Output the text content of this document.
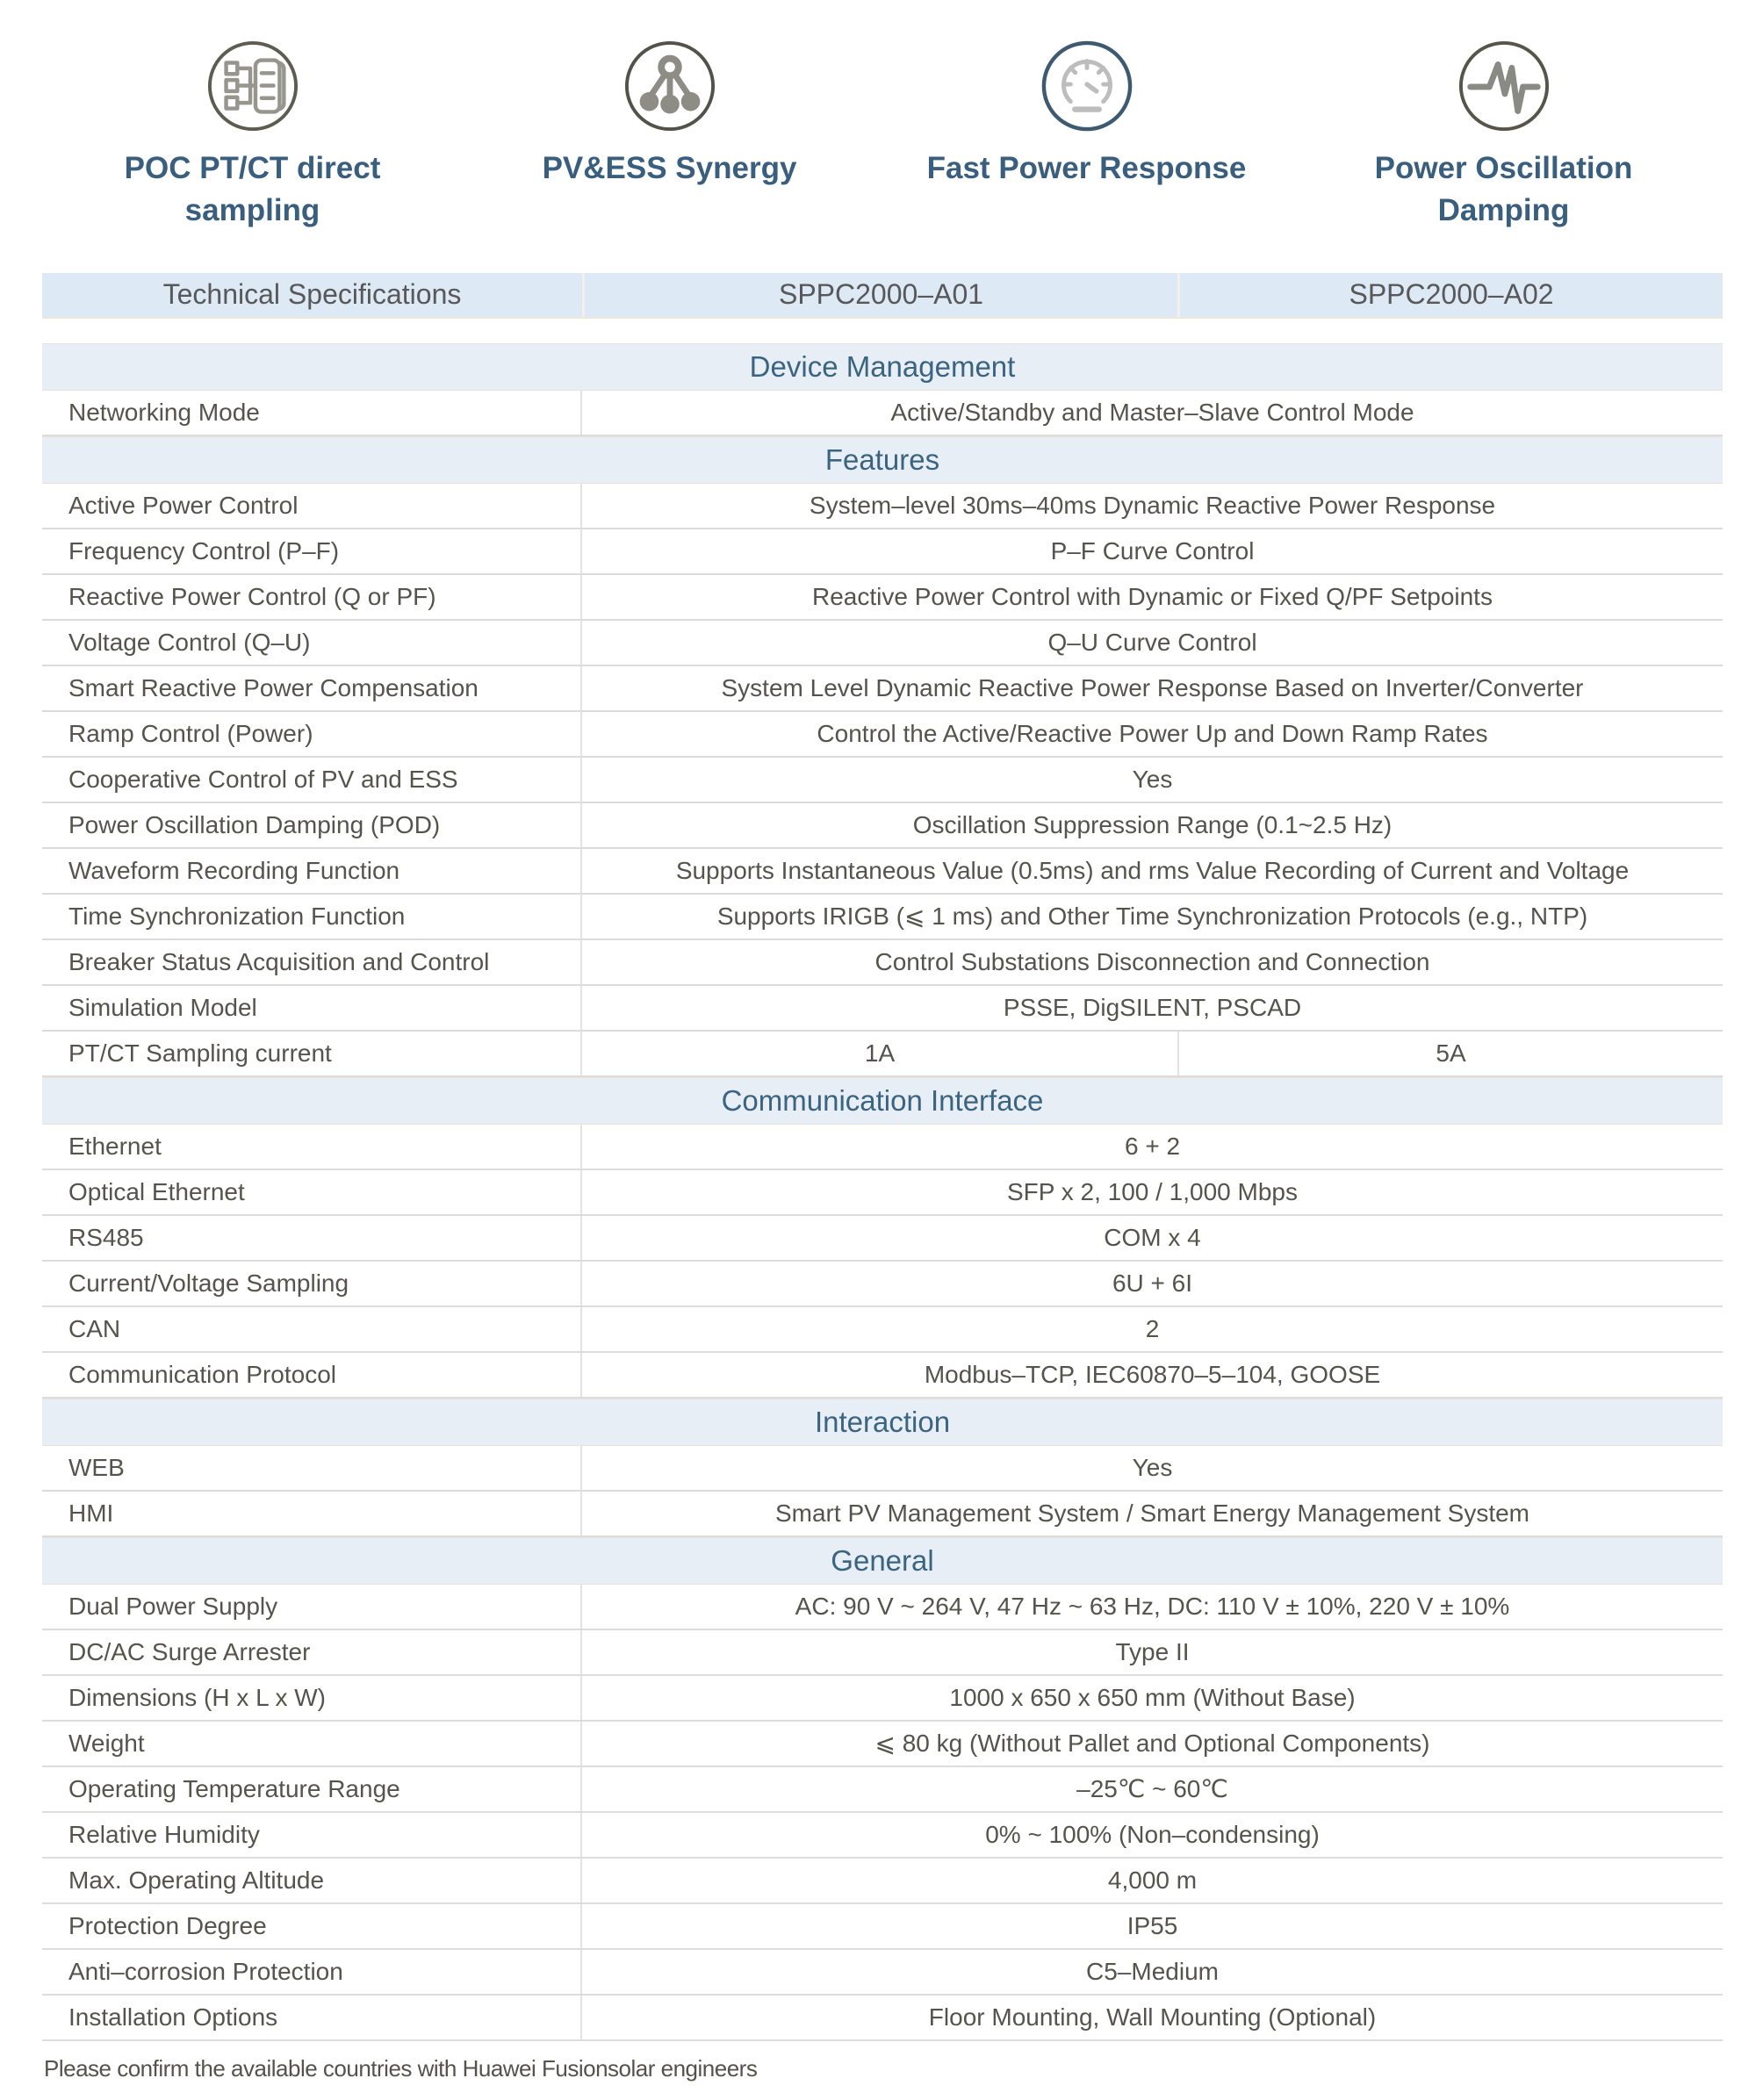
POC PT/CT direct sampling
PV&ESS Synergy	Fast Power Response	Power Oscillation Damping
Technical Specifications	SPPC2000–A01	SPPC2000–A02
Device Management
Networking Mode	Active/Standby and Master–Slave Control Mode
Features
Active Power Control	System–level 30ms–40ms Dynamic Reactive Power Response
Frequency Control (P–F)	P–F Curve Control
Reactive Power Control (Q or PF)	Reactive Power Control with Dynamic or Fixed Q/PF Setpoints
Voltage Control (Q–U)	Q–U Curve Control
Smart Reactive Power Compensation	System Level Dynamic Reactive Power Response Based on Inverter/Converter
Ramp Control (Power)	Control the Active/Reactive Power Up and Down Ramp Rates
Cooperative Control of PV and ESS	Yes
Power Oscillation Damping (POD)	Oscillation Suppression Range (0.1~2.5 Hz)
Waveform Recording Function	Supports Instantaneous Value (0.5ms) and rms Value Recording of Current and Voltage
Time Synchronization Function	Supports IRIGB (⩽ 1 ms) and Other Time Synchronization Protocols (e.g., NTP)
Breaker Status Acquisition and Control	Control Substations Disconnection and Connection
Simulation Model	PSSE, DigSILENT, PSCAD
PT/CT Sampling current	1A	5A
Communication Interface
Ethernet	6 + 2
Optical Ethernet	SFP x 2, 100 / 1,000 Mbps
RS485	COM x 4
Current/Voltage Sampling	6U + 6I
CAN	2
Communication Protocol	Modbus–TCP, IEC60870–5–104, GOOSE
Interaction
WEB	Yes
HMI	Smart PV Management System / Smart Energy Management System
General
Dual Power Supply	AC: 90 V ~ 264 V, 47 Hz ~ 63 Hz, DC: 110 V ± 10%, 220 V ± 10%
DC/AC Surge Arrester	Type II
Dimensions (H x L x W)	1000 x 650 x 650 mm (Without Base)
Weight	⩽ 80 kg (Without Pallet and Optional Components)
Operating Temperature Range	–25℃ ~ 60℃
Relative Humidity	0% ~ 100% (Non–condensing)
Max. Operating Altitude	4,000 m
Protection Degree	IP55
Anti–corrosion Protection	C5–Medium
Installation Options	Floor Mounting, Wall Mounting (Optional)
Please confirm the available countries with Huawei Fusionsolar engineers
